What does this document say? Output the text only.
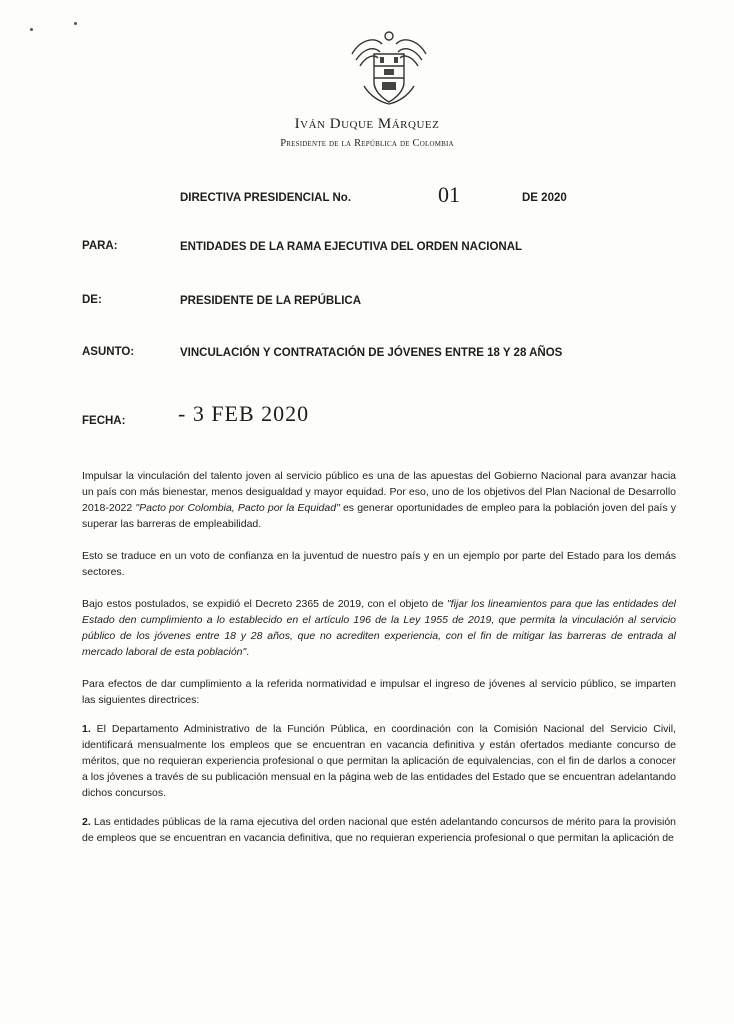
Iván Duque Márquez
Presidente de la República de Colombia
DIRECTIVA PRESIDENCIAL No.	01	DE 2020
PARA:	ENTIDADES DE LA RAMA EJECUTIVA DEL ORDEN NACIONAL
DE:	PRESIDENTE DE LA REPÚBLICA
ASUNTO:	VINCULACIÓN Y CONTRATACIÓN DE JÓVENES ENTRE 18 Y 28 AÑOS
FECHA: - 3 FEB 2020

Impulsar la vinculación del talento joven al servicio público es una de las apuestas del Gobierno Nacional para avanzar hacia un país con más bienestar, menos desigualdad y mayor equidad. Por eso, uno de los objetivos del Plan Nacional de Desarrollo 2018-2022 "Pacto por Colombia, Pacto por la Equidad" es generar oportunidades de empleo para la población joven del país y superar las barreras de empleabilidad.

Esto se traduce en un voto de confianza en la juventud de nuestro país y en un ejemplo por parte del Estado para los demás sectores.

Bajo estos postulados, se expidió el Decreto 2365 de 2019, con el objeto de "fijar los lineamientos para que las entidades del Estado den cumplimiento a lo establecido en el artículo 196 de la Ley 1955 de 2019, que permita la vinculación al servicio público de los jóvenes entre 18 y 28 años, que no acrediten experiencia, con el fin de mitigar las barreras de entrada al mercado laboral de esta población".

Para efectos de dar cumplimiento a la referida normatividad e impulsar el ingreso de jóvenes al servicio público, se imparten las siguientes directrices:

1. El Departamento Administrativo de la Función Pública, en coordinación con la Comisión Nacional del Servicio Civil, identificará mensualmente los empleos que se encuentran en vacancia definitiva y están ofertados mediante concurso de méritos, que no requieran experiencia profesional o que permitan la aplicación de equivalencias, con el fin de darlos a conocer a los jóvenes a través de su publicación mensual en la página web de las entidades del Estado que se encuentran adelantando dichos concursos.

2. Las entidades públicas de la rama ejecutiva del orden nacional que estén adelantando concursos de mérito para la provisión de empleos que se encuentran en vacancia definitiva, que no requieran experiencia profesional o que permitan la aplicación de
